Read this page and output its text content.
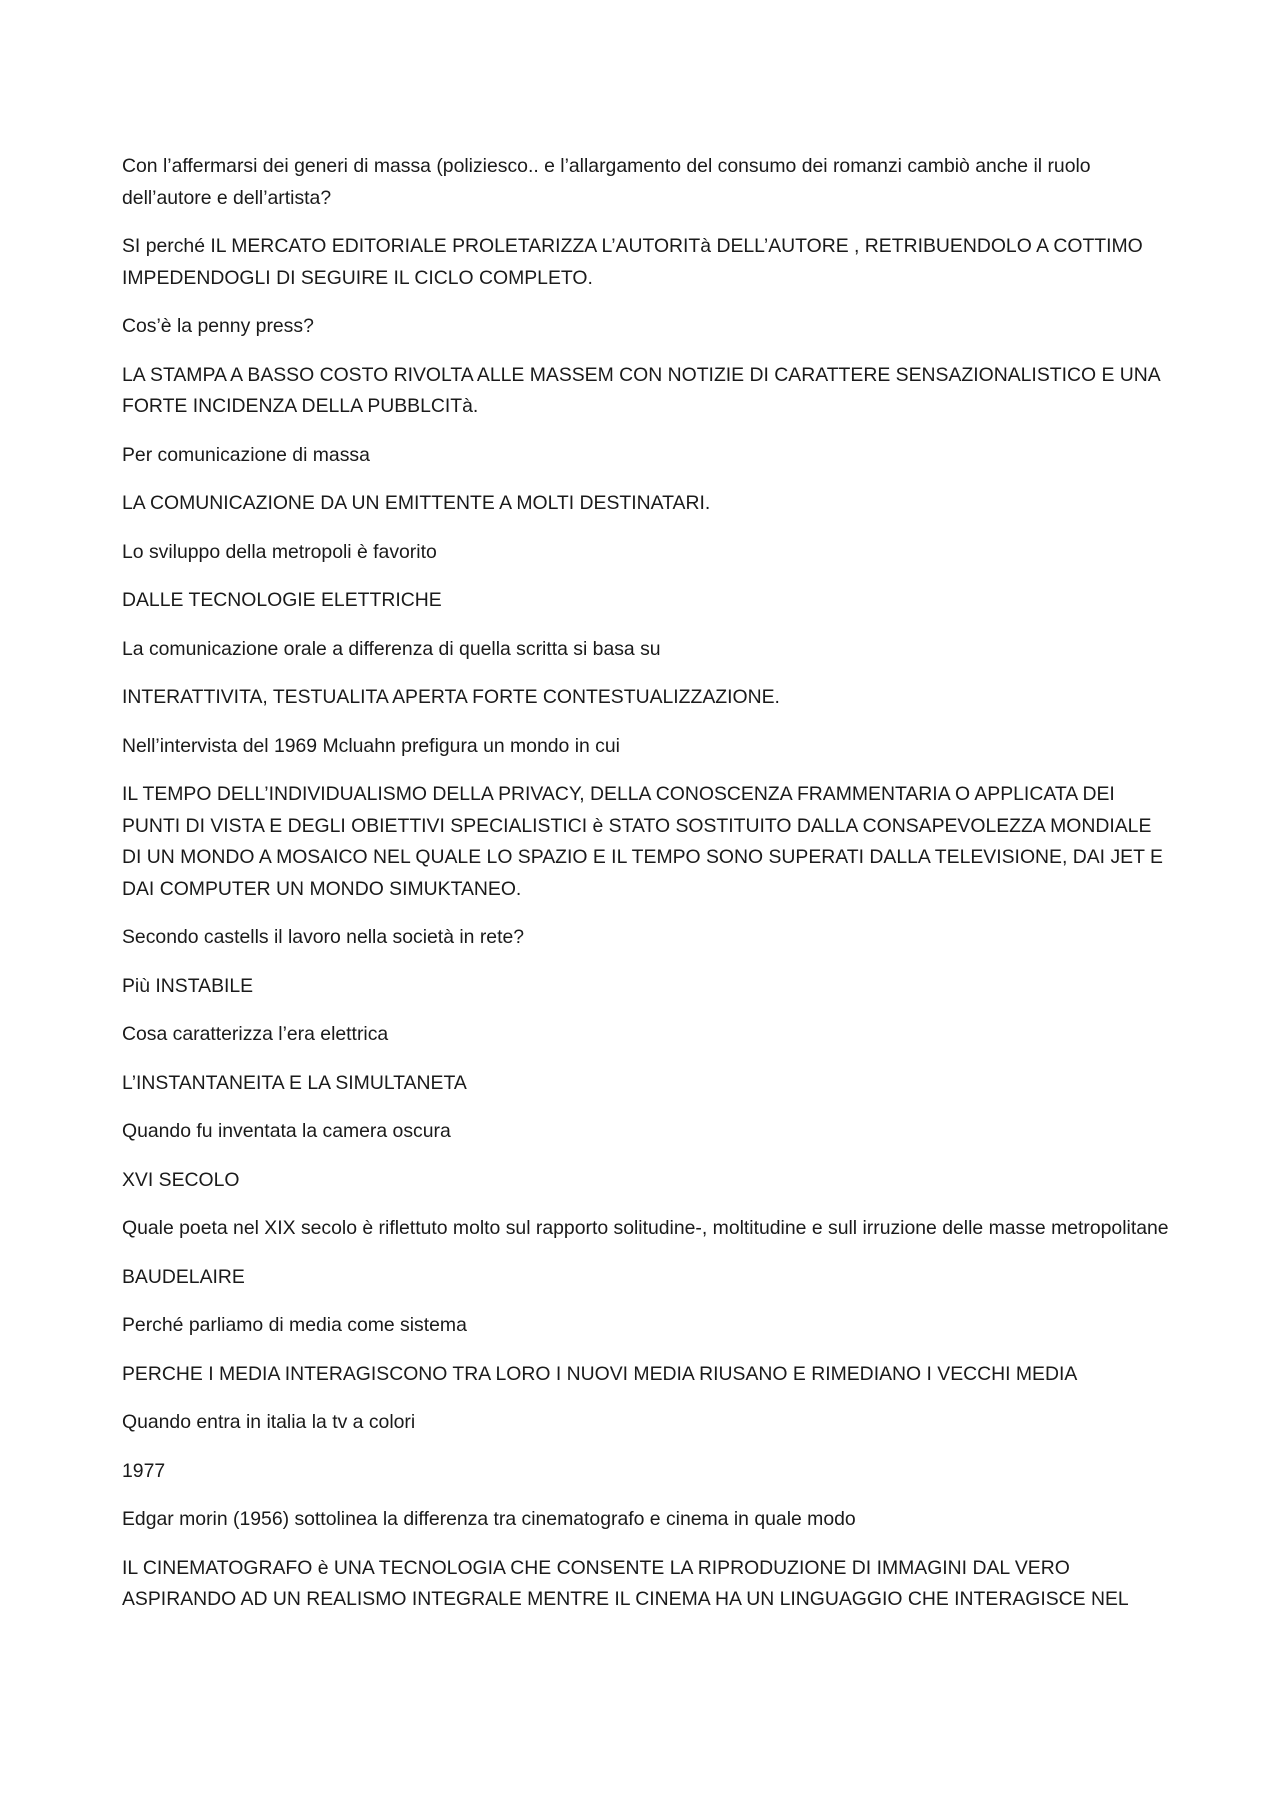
Con l’affermarsi dei generi di massa (poliziesco.. e l’allargamento del consumo dei romanzi cambiò anche il ruolo dell’autore e dell’artista?

SI perché IL MERCATO EDITORIALE PROLETARIZZA L’AUTORITà DELL’AUTORE , RETRIBUENDOLO A COTTIMO IMPEDENDOGLI DI SEGUIRE IL CICLO COMPLETO.

Cos’è la penny press?

LA STAMPA A BASSO COSTO RIVOLTA ALLE MASSEM CON NOTIZIE DI CARATTERE SENSAZIONALISTICO E UNA FORTE INCIDENZA DELLA PUBBLCITà.

Per comunicazione di massa

LA COMUNICAZIONE DA UN EMITTENTE A MOLTI DESTINATARI.

Lo sviluppo della metropoli è favorito

DALLE TECNOLOGIE ELETTRICHE

La comunicazione orale a differenza di quella scritta si basa su

INTERATTIVITA, TESTUALITA APERTA FORTE CONTESTUALIZZAZIONE.

Nell’intervista del 1969 Mcluahn prefigura un mondo in cui

IL TEMPO DELL’INDIVIDUALISMO DELLA PRIVACY, DELLA CONOSCENZA FRAMMENTARIA O APPLICATA DEI PUNTI DI VISTA E DEGLI OBIETTIVI SPECIALISTICI è STATO SOSTITUITO DALLA CONSAPEVOLEZZA MONDIALE DI UN MONDO A MOSAICO NEL QUALE LO SPAZIO E IL TEMPO SONO SUPERATI DALLA TELEVISIONE, DAI JET E DAI COMPUTER UN MONDO SIMUKTANEO.

Secondo castells il lavoro nella società in rete?

Più INSTABILE

Cosa caratterizza l’era elettrica

L’INSTANTANEITA E LA SIMULTANETA

Quando fu inventata la camera oscura

XVI SECOLO

Quale poeta nel XIX secolo è riflettuto molto sul rapporto solitudine-, moltitudine e sull irruzione delle masse metropolitane

BAUDELAIRE

Perché parliamo di media come sistema

PERCHE I MEDIA INTERAGISCONO TRA LORO I NUOVI MEDIA RIUSANO E RIMEDIANO I VECCHI MEDIA

Quando entra in italia la tv a colori

1977

Edgar morin (1956) sottolinea la differenza tra cinematografo e cinema in quale modo

IL CINEMATOGRAFO è UNA TECNOLOGIA CHE CONSENTE LA RIPRODUZIONE DI IMMAGINI DAL VERO ASPIRANDO AD UN REALISMO INTEGRALE MENTRE IL CINEMA HA UN LINGUAGGIO CHE INTERAGISCE NEL
